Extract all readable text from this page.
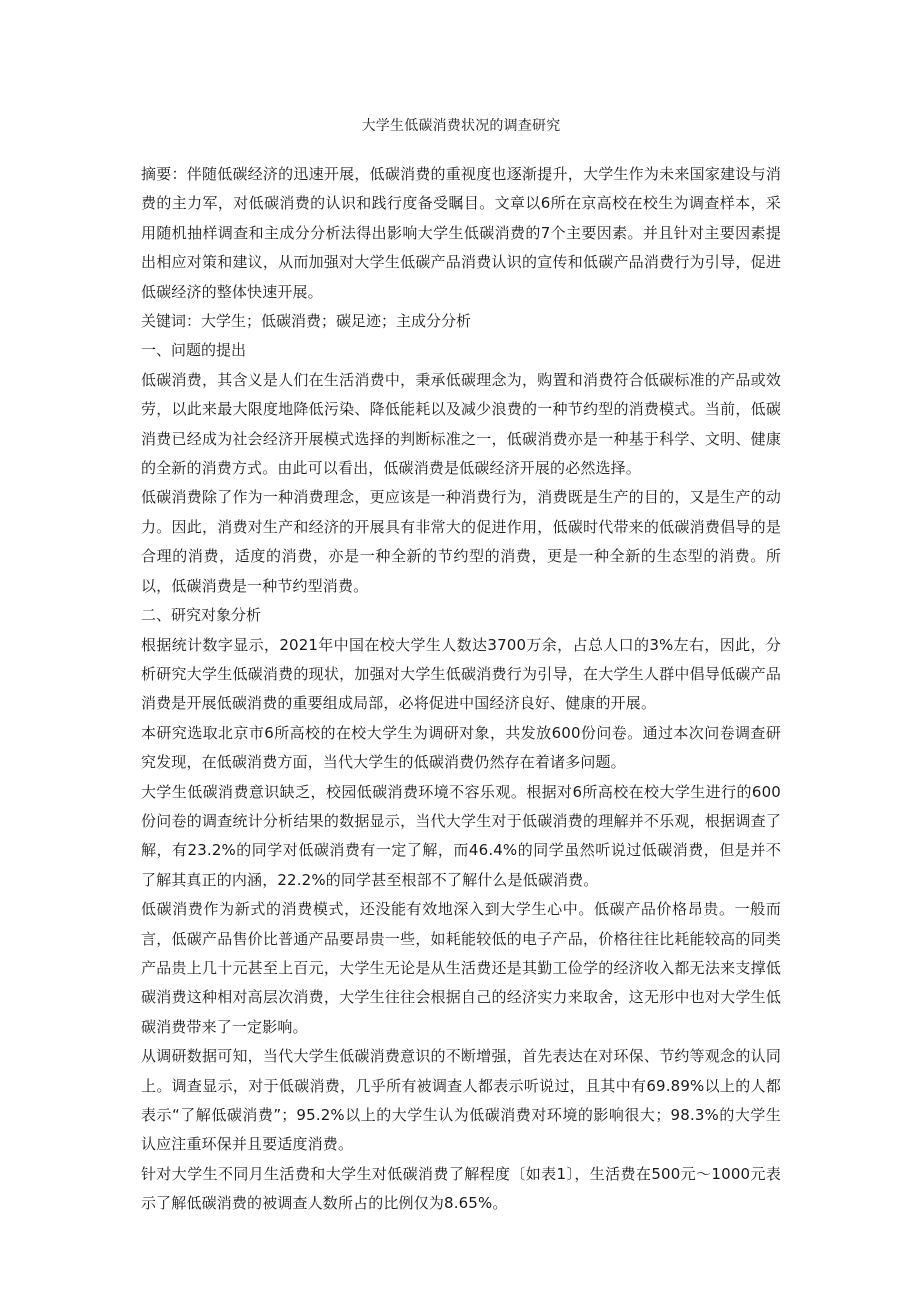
大学生低碳消费状况的调查研究

摘要：伴随低碳经济的迅速开展，低碳消费的重视度也逐渐提升，大学生作为未来国家建设与消费的主力军，对低碳消费的认识和践行度备受瞩目。文章以6所在京高校在校生为调查样本，采用随机抽样调查和主成分分析法得出影响大学生低碳消费的7个主要因素。并且针对主要因素提出相应对策和建议，从而加强对大学生低碳产品消费认识的宣传和低碳产品消费行为引导，促进低碳经济的整体快速开展。

关键词：大学生；低碳消费；碳足迹；主成分分析

一、问题的提出

低碳消费，其含义是人们在生活消费中，秉承低碳理念为，购置和消费符合低碳标准的产品或效劳，以此来最大限度地降低污染、降低能耗以及减少浪费的一种节约型的消费模式。当前，低碳消费已经成为社会经济开展模式选择的判断标准之一，低碳消费亦是一种基于科学、文明、健康的全新的消费方式。由此可以看出，低碳消费是低碳经济开展的必然选择。

低碳消费除了作为一种消费理念，更应该是一种消费行为，消费既是生产的目的，又是生产的动力。因此，消费对生产和经济的开展具有非常大的促进作用，低碳时代带来的低碳消费倡导的是合理的消费，适度的消费，亦是一种全新的节约型的消费，更是一种全新的生态型的消费。所以，低碳消费是一种节约型消费。

二、研究对象分析

根据统计数字显示，2021年中国在校大学生人数达3700万余，占总人口的3%左右，因此，分析研究大学生低碳消费的现状，加强对大学生低碳消费行为引导，在大学生人群中倡导低碳产品消费是开展低碳消费的重要组成局部，必将促进中国经济良好、健康的开展。

本研究选取北京市6所高校的在校大学生为调研对象，共发放600份问卷。通过本次问卷调查研究发现，在低碳消费方面，当代大学生的低碳消费仍然存在着诸多问题。

大学生低碳消费意识缺乏，校园低碳消费环境不容乐观。根据对6所高校在校大学生进行的600份问卷的调查统计分析结果的数据显示，当代大学生对于低碳消费的理解并不乐观，根据调查了解，有23.2%的同学对低碳消费有一定了解，而46.4%的同学虽然听说过低碳消费，但是并不了解其真正的内涵，22.2%的同学甚至根部不了解什么是低碳消费。

低碳消费作为新式的消费模式，还没能有效地深入到大学生心中。低碳产品价格昂贵。一般而言，低碳产品售价比普通产品要昂贵一些，如耗能较低的电子产品，价格往往比耗能较高的同类产品贵上几十元甚至上百元，大学生无论是从生活费还是其勤工俭学的经济收入都无法来支撑低碳消费这种相对高层次消费，大学生往往会根据自己的经济实力来取舍，这无形中也对大学生低碳消费带来了一定影响。

从调研数据可知，当代大学生低碳消费意识的不断增强，首先表达在对环保、节约等观念的认同上。调查显示，对于低碳消费，几乎所有被调查人都表示听说过，且其中有69.89%以上的人都表示“了解低碳消费”；95.2%以上的大学生认为低碳消费对环境的影响很大；98.3%的大学生认应注重环保并且要适度消费。

针对大学生不同月生活费和大学生对低碳消费了解程度〔如表1〕，生活费在500元～1000元表示了解低碳消费的被调查人数所占的比例仅为8.65%。
